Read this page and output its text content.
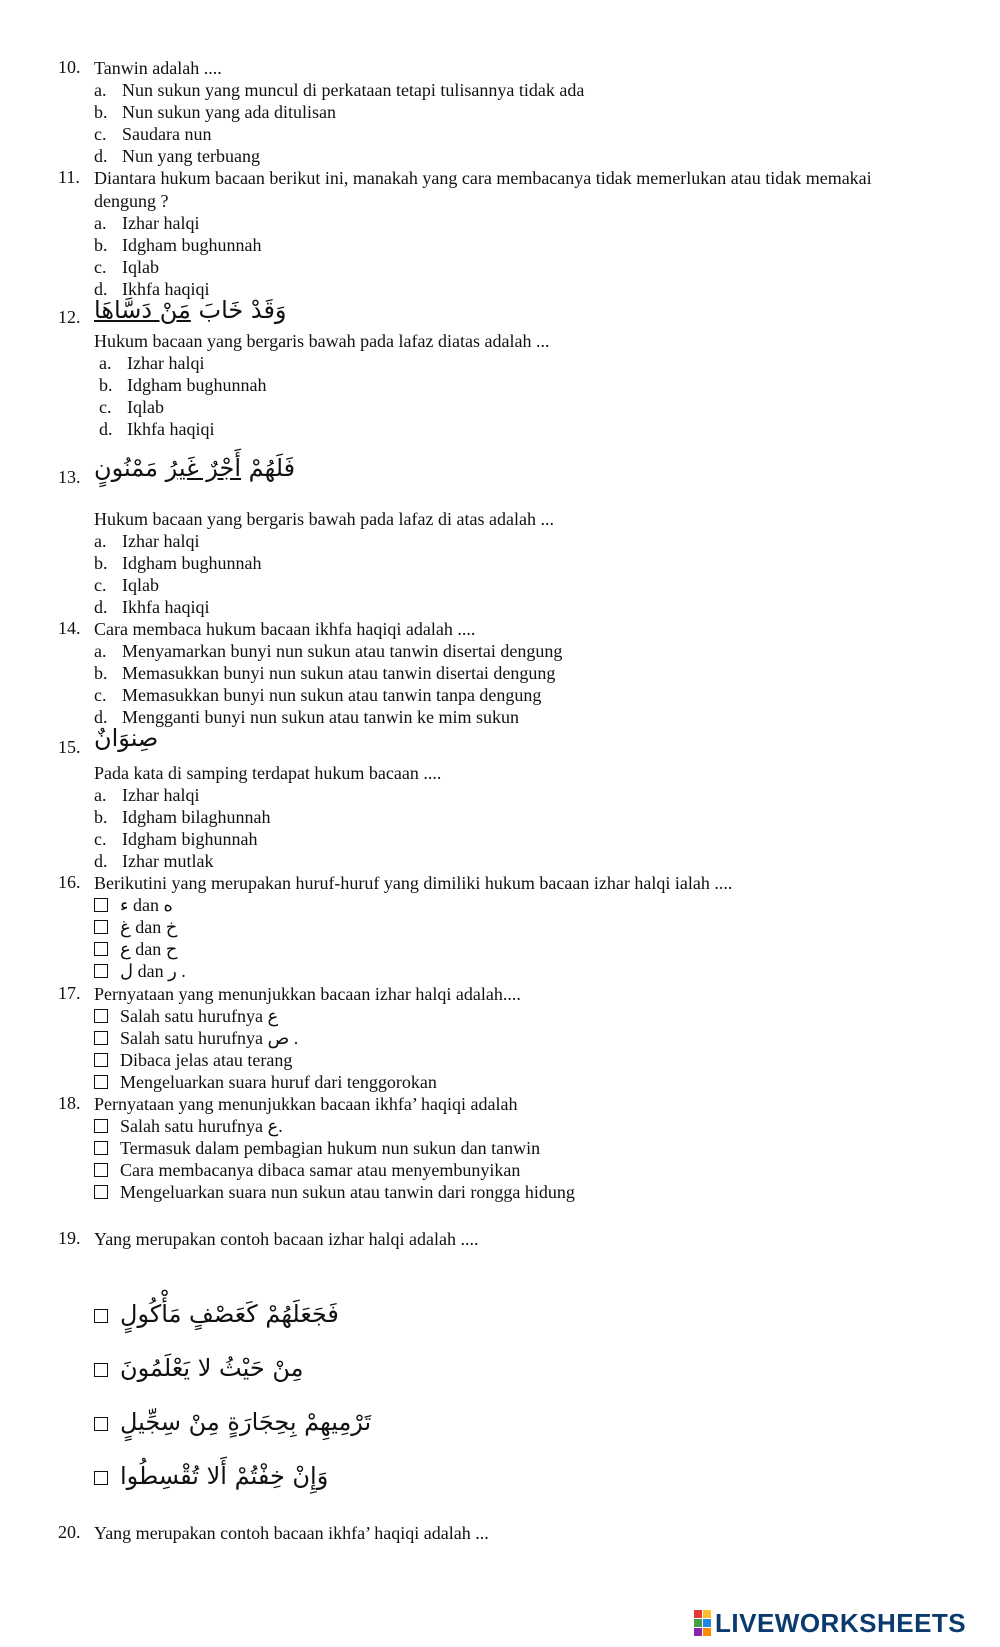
10. Tanwin adalah ....
a. Nun sukun yang muncul di perkataan tetapi tulisannya tidak ada
b. Nun sukun yang ada ditulisan
c. Saudara nun
d. Nun yang terbuang
11. Diantara hukum bacaan berikut ini, manakah yang cara membacanya tidak memerlukan atau tidak memakai
dengung ?
a. Izhar halqi
b. Idgham bughunnah
c. Iqlab
d. Ikhfa haqiqi
12.	وَقَدْ خَابَ مَنْ دَسَّاهَا
Hukum bacaan yang bergaris bawah pada lafaz diatas adalah ...
a. Izhar halqi
b. Idgham bughunnah
c. Iqlab
d. Ikhfa haqiqi
13.	فَلَهُمْ أَجْرٌ غَيرُ مَمْنُونٍ
Hukum bacaan yang bergaris bawah pada lafaz di atas adalah ...
a. Izhar halqi
b. Idgham bughunnah
c. Iqlab
d. Ikhfa haqiqi
14. Cara membaca hukum bacaan ikhfa haqiqi adalah ....
a. Menyamarkan bunyi nun sukun atau tanwin disertai dengung
b. Memasukkan bunyi nun sukun atau tanwin disertai dengung
c. Memasukkan bunyi nun sukun atau tanwin tanpa dengung
d. Mengganti bunyi nun sukun atau tanwin ke mim sukun
15. صِنوَانٌ
Pada kata di samping terdapat hukum bacaan ....
a. Izhar halqi
b. Idgham bilaghunnah
c. Idgham bighunnah
d. Izhar mutlak
16. Berikutini yang merupakan huruf-huruf yang dimiliki hukum bacaan izhar halqi ialah ....
ء dan ه
غ dan خ
ع dan ح
ل dan ر .
17. Pernyataan yang menunjukkan bacaan izhar halqi adalah....
Salah satu hurufnya ع
Salah satu hurufnya ص .
Dibaca jelas atau terang
Mengeluarkan suara huruf dari tenggorokan
18. Pernyataan yang menunjukkan bacaan ikhfa’ haqiqi adalah
Salah satu hurufnya ع.
Termasuk dalam pembagian hukum nun sukun dan tanwin
Cara membacanya dibaca samar atau menyembunyikan
Mengeluarkan suara nun sukun atau tanwin dari rongga hidung
19. Yang merupakan contoh bacaan izhar halqi adalah ....
فَجَعَلَهُمْ كَعَصْفٍ مَأْكُولٍ
مِنْ حَيْثُ لا يَعْلَمُونَ
تَرْمِيهِمْ بِحِجَارَةٍ مِنْ سِجِّيلٍ
وَإِنْ خِفْتُمْ أَلا تُقْسِطُوا
20. Yang merupakan contoh bacaan ikhfa’ haqiqi adalah ...
LIVEWORKSHEETS
